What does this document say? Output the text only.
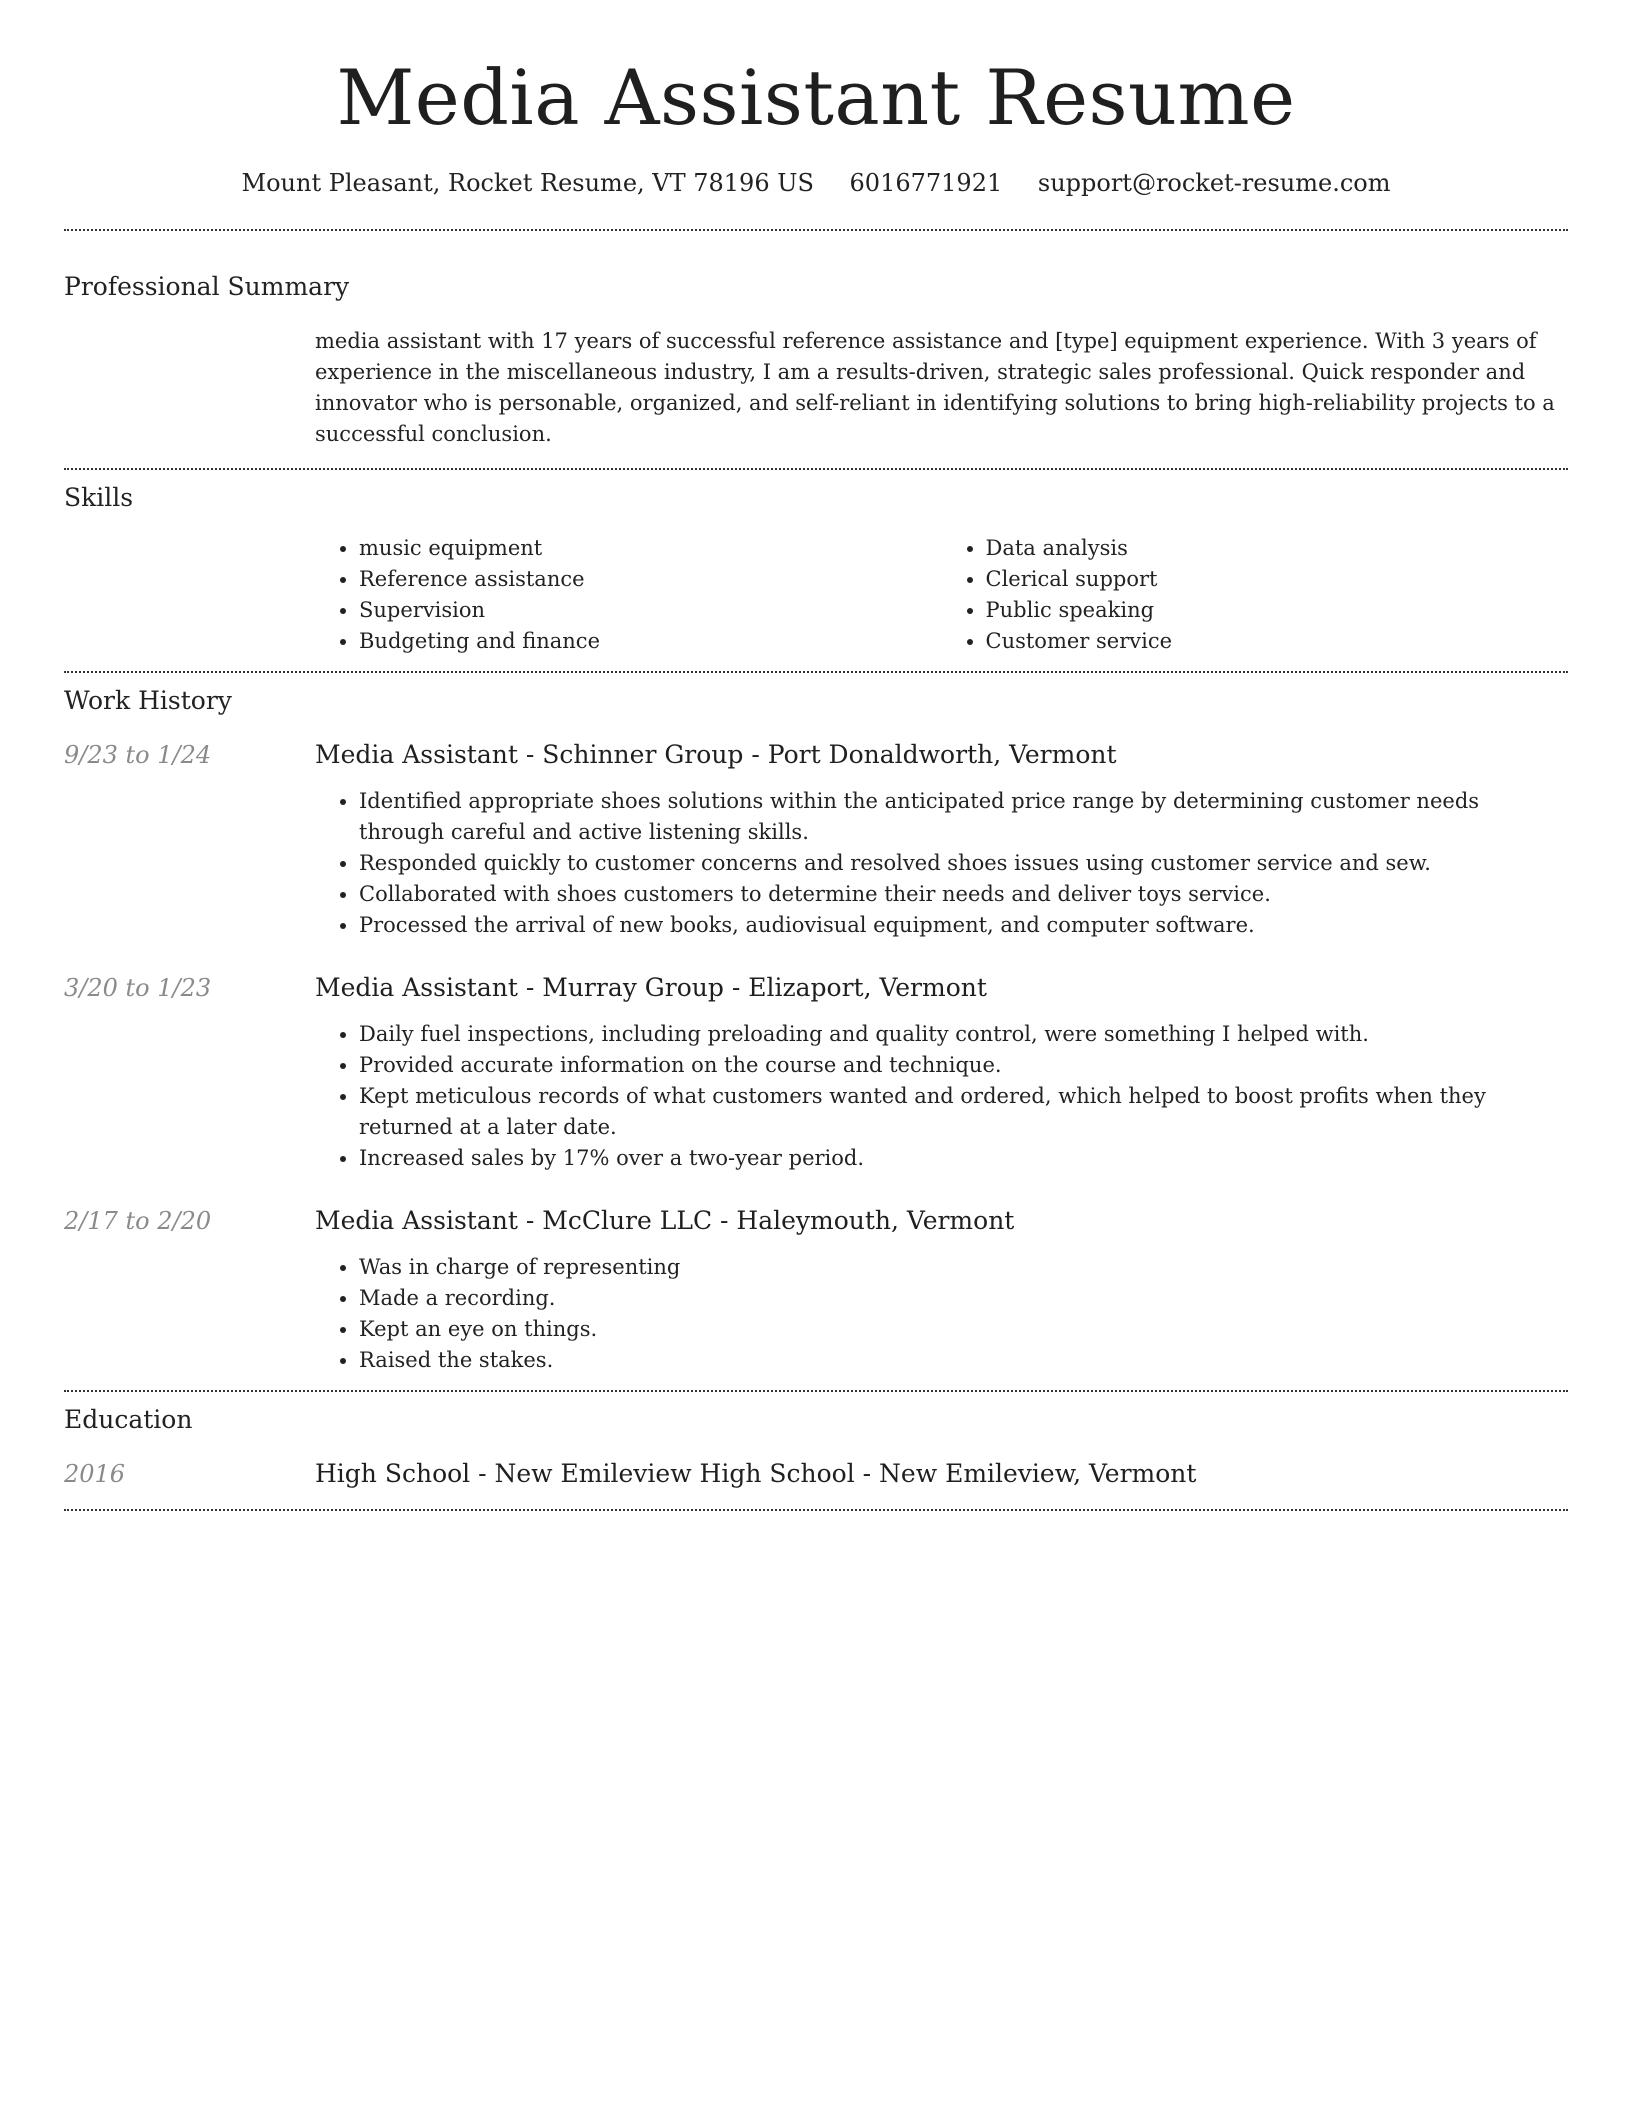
Media Assistant Resume
Mount Pleasant, Rocket Resume, VT 78196 US 6016771921 support@rocket-resume.com
Professional Summary

media assistant with 17 years of successful reference assistance and [type] equipment experience. With 3 years of experience in the miscellaneous industry, I am a results-driven, strategic sales professional. Quick responder and innovator who is personable, organized, and self-reliant in identifying solutions to bring high-reliability projects to a successful conclusion.

Skills
• music equipment
• Reference assistance
• Supervision
• Budgeting and finance
• Data analysis
• Clerical support
• Public speaking
• Customer service
Work History
9/23 to 1/24	Media Assistant - Schinner Group - Port Donaldworth, Vermont
• Identified appropriate shoes solutions within the anticipated price range by determining customer needs through careful and active listening skills.
• Responded quickly to customer concerns and resolved shoes issues using customer service and sew.
• Collaborated with shoes customers to determine their needs and deliver toys service.
• Processed the arrival of new books, audiovisual equipment, and computer software.
3/20 to 1/23	Media Assistant - Murray Group - Elizaport, Vermont
• Daily fuel inspections, including preloading and quality control, were something I helped with.
• Provided accurate information on the course and technique.
• Kept meticulous records of what customers wanted and ordered, which helped to boost profits when they returned at a later date.
• Increased sales by 17% over a two-year period.
2/17 to 2/20	Media Assistant - McClure LLC - Haleymouth, Vermont
• Was in charge of representing
• Made a recording.
• Kept an eye on things.
• Raised the stakes.
Education
2016	High School - New Emileview High School - New Emileview, Vermont
